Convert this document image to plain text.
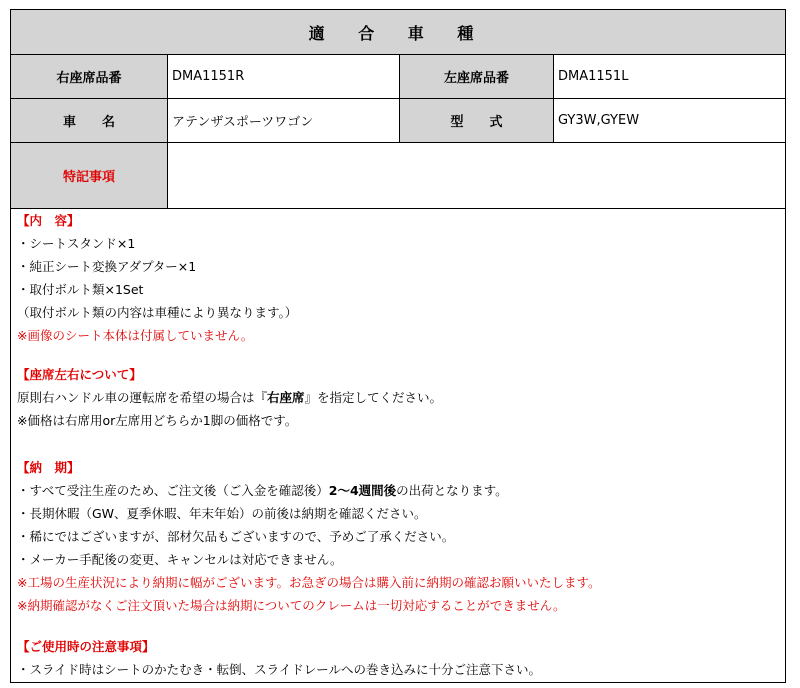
適 合 車 種
右座席品番	DMA1151R	左座席品番	DMA1151L
車　　名	アテンザスポーツワゴン	型　　式	GY3W,GYEW
特記事項
【内　容】
・シートスタンド×1
・純正シート変換アダプター×1
・取付ボルト類×1Set
（取付ボルト類の内容は車種により異なります。）
※画像のシート本体は付属していません。
【座席左右について】
原則右ハンドル車の運転席を希望の場合は『右座席』を指定してください。
※価格は右席用or左席用どちらか1脚の価格です。
【納　期】
・すべて受注生産のため、ご注文後（ご入金を確認後）2～4週間後の出荷となります。
・長期休暇（GW、夏季休暇、年末年始）の前後は納期を確認ください。
・稀にではございますが、部材欠品もございますので、予めご了承ください。
・メーカー手配後の変更、キャンセルは対応できません。
※工場の生産状況により納期に幅がございます。お急ぎの場合は購入前に納期の確認お願いいたします。
※納期確認がなくご注文頂いた場合は納期についてのクレームは一切対応することができません。
【ご使用時の注意事項】
・スライド時はシートのかたむき・転倒、スライドレールへの巻き込みに十分ご注意下さい。
